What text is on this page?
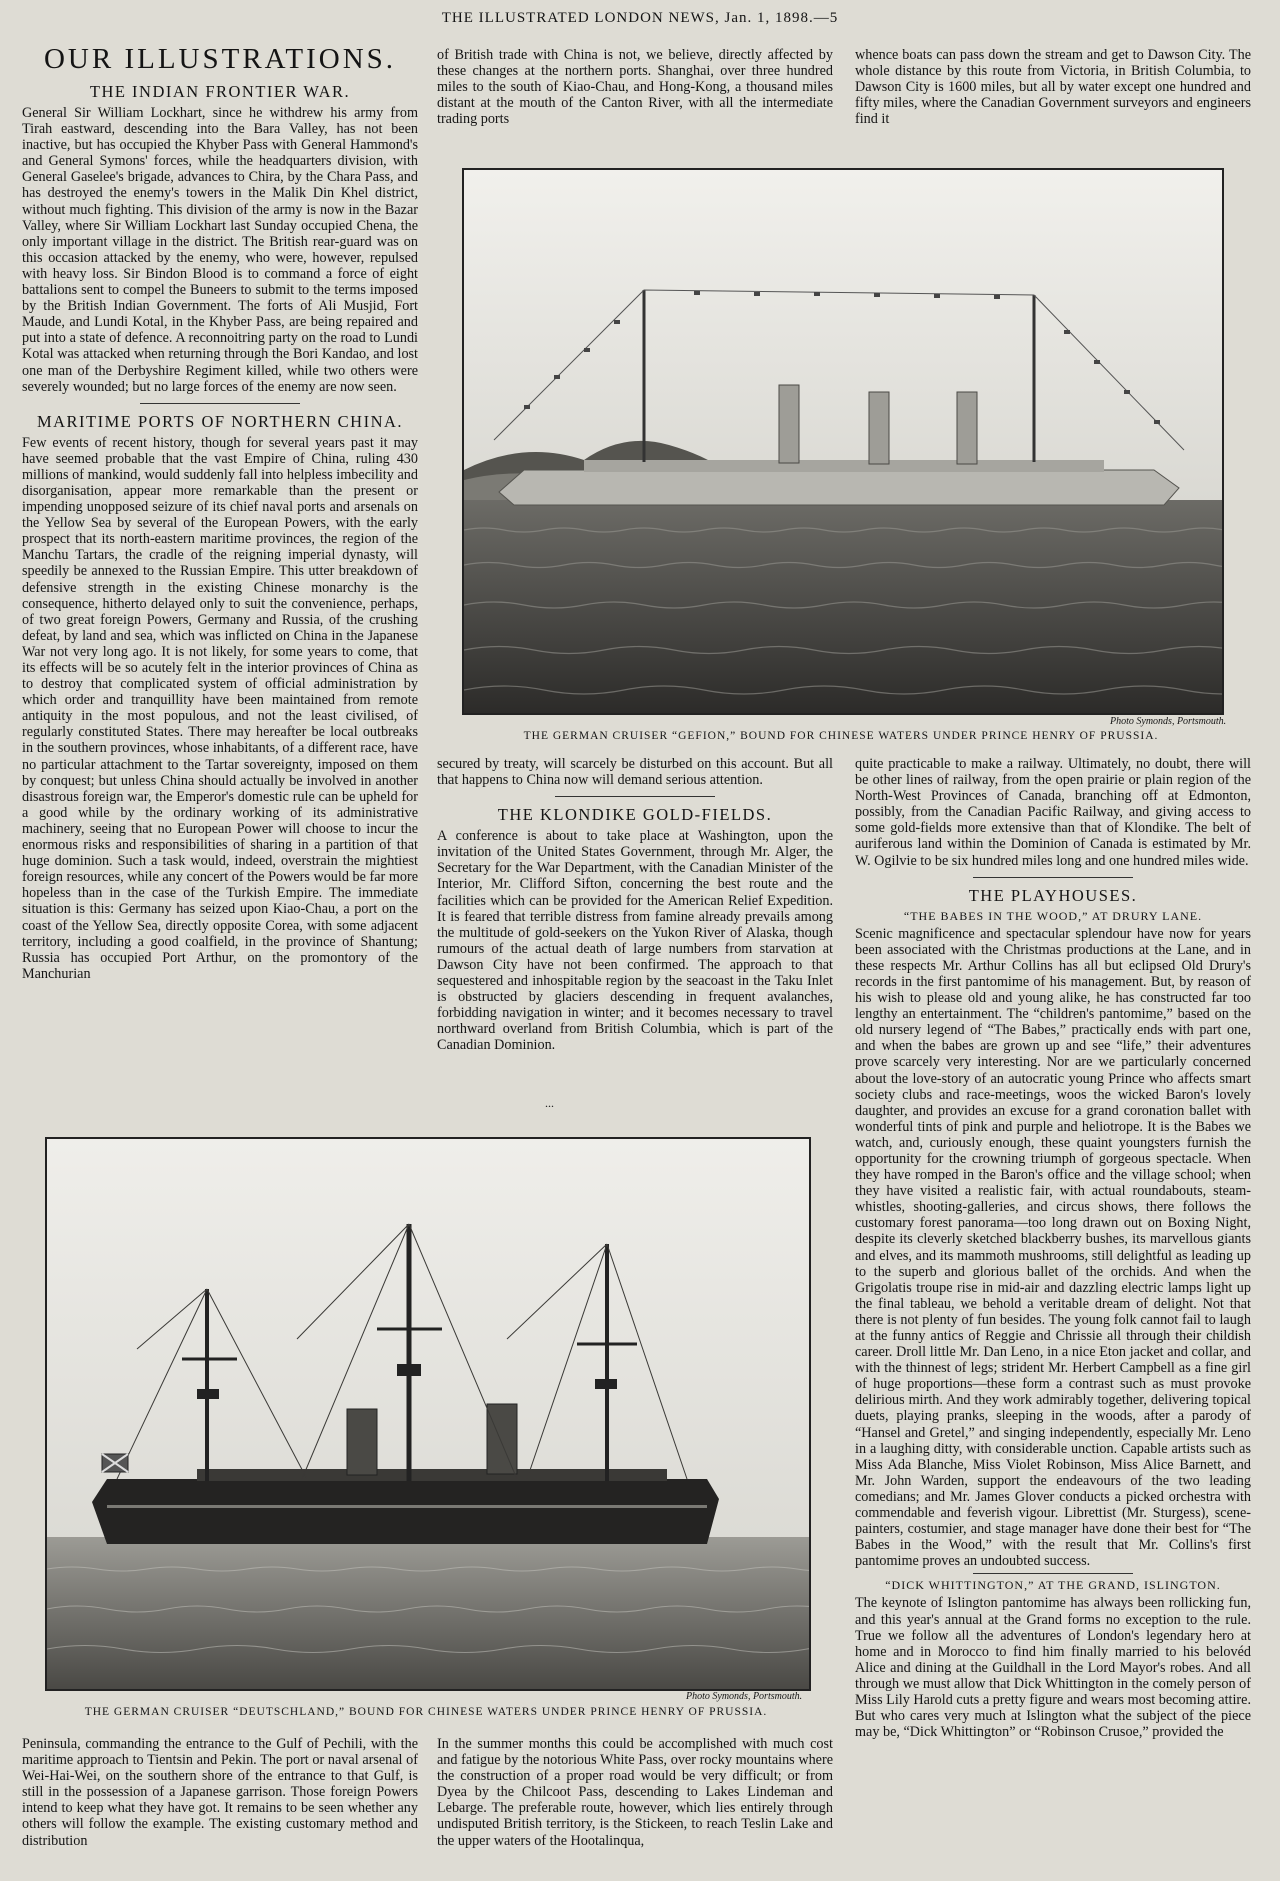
THE ILLUSTRATED LONDON NEWS, Jan. 1, 1898.—5
OUR ILLUSTRATIONS.
THE INDIAN FRONTIER WAR.

General Sir William Lockhart, since he withdrew his army from Tirah eastward, descending into the Bara Valley, has not been inactive, but has occupied the Khyber Pass with General Hammond's and General Symons' forces, while the headquarters division, with General Gaselee's brigade, advances to Chira, by the Chara Pass, and has destroyed the enemy's towers in the Malik Din Khel district, without much fighting. This division of the army is now in the Bazar Valley, where Sir William Lockhart last Sunday occupied Chena, the only important village in the district. The British rear-guard was on this occasion attacked by the enemy, who were, however, repulsed with heavy loss. Sir Bindon Blood is to command a force of eight battalions sent to compel the Buneers to submit to the terms imposed by the British Indian Government. The forts of Ali Musjid, Fort Maude, and Lundi Kotal, in the Khyber Pass, are being repaired and put into a state of defence. A reconnoitring party on the road to Lundi Kotal was attacked when returning through the Bori Kandao, and lost one man of the Derbyshire Regiment killed, while two others were severely wounded; but no large forces of the enemy are now seen.

MARITIME PORTS OF NORTHERN CHINA.

Few events of recent history, though for several years past it may have seemed probable that the vast Empire of China, ruling 430 millions of mankind, would suddenly fall into helpless imbecility and disorganisation, appear more remarkable than the present or impending unopposed seizure of its chief naval ports and arsenals on the Yellow Sea by several of the European Powers, with the early prospect that its north-eastern maritime provinces, the region of the Manchu Tartars, the cradle of the reigning imperial dynasty, will speedily be annexed to the Russian Empire. This utter breakdown of defensive strength in the existing Chinese monarchy is the consequence, hitherto delayed only to suit the convenience, perhaps, of two great foreign Powers, Germany and Russia, of the crushing defeat, by land and sea, which was inflicted on China in the Japanese War not very long ago. It is not likely, for some years to come, that its effects will be so acutely felt in the interior provinces of China as to destroy that complicated system of official administration by which order and tranquillity have been maintained from remote antiquity in the most populous, and not the least civilised, of regularly constituted States. There may hereafter be local outbreaks in the southern provinces, whose inhabitants, of a different race, have no particular attachment to the Tartar sovereignty, imposed on them by conquest; but unless China should actually be involved in another disastrous foreign war, the Emperor's domestic rule can be upheld for a good while by the ordinary working of its administrative machinery, seeing that no European Power will choose to incur the enormous risks and responsibilities of sharing in a partition of that huge dominion. Such a task would, indeed, overstrain the mightiest foreign resources, while any concert of the Powers would be far more hopeless than in the case of the Turkish Empire. The immediate situation is this: Germany has seized upon Kiao-Chau, a port on the coast of the Yellow Sea, directly opposite Corea, with some adjacent territory, including a good coalfield, in the province of Shantung; Russia has occupied Port Arthur, on the promontory of the Manchurian

of British trade with China is not, we believe, directly affected by these changes at the northern ports. Shanghai, over three hundred miles to the south of Kiao-Chau, and Hong-Kong, a thousand miles distant at the mouth of the Canton River, with all the intermediate trading ports

whence boats can pass down the stream and get to Dawson City. The whole distance by this route from Victoria, in British Columbia, to Dawson City is 1600 miles, but all by water except one hundred and fifty miles, where the Canadian Government surveyors and engineers find it

Photo Symonds, Portsmouth.
THE GERMAN CRUISER “GEFION,” BOUND FOR CHINESE WATERS UNDER PRINCE HENRY OF PRUSSIA.

secured by treaty, will scarcely be disturbed on this account. But all that happens to China now will demand serious attention.

THE KLONDIKE GOLD-FIELDS.

A conference is about to take place at Washington, upon the invitation of the United States Government, through Mr. Alger, the Secretary for the War Department, with the Canadian Minister of the Interior, Mr. Clifford Sifton, concerning the best route and the facilities which can be provided for the American Relief Expedition. It is feared that terrible distress from famine already prevails among the multitude of gold-seekers on the Yukon River of Alaska, though rumours of the actual death of large numbers from starvation at Dawson City have not been confirmed. The approach to that sequestered and inhospitable region by the seacoast in the Taku Inlet is obstructed by glaciers descending in frequent avalanches, forbidding navigation in winter; and it becomes necessary to travel northward overland from British Columbia, which is part of the Canadian Dominion.

...

quite practicable to make a railway. Ultimately, no doubt, there will be other lines of railway, from the open prairie or plain region of the North-West Provinces of Canada, branching off at Edmonton, possibly, from the Canadian Pacific Railway, and giving access to some gold-fields more extensive than that of Klondike. The belt of auriferous land within the Dominion of Canada is estimated by Mr. W. Ogilvie to be six hundred miles long and one hundred miles wide.

THE PLAYHOUSES.
“THE BABES IN THE WOOD,” AT DRURY LANE.

Scenic magnificence and spectacular splendour have now for years been associated with the Christmas productions at the Lane, and in these respects Mr. Arthur Collins has all but eclipsed Old Drury's records in the first pantomime of his management. But, by reason of his wish to please old and young alike, he has constructed far too lengthy an entertainment. The “children's pantomime,” based on the old nursery legend of “The Babes,” practically ends with part one, and when the babes are grown up and see “life,” their adventures prove scarcely very interesting. Nor are we particularly concerned about the love-story of an autocratic young Prince who affects smart society clubs and race-meetings, woos the wicked Baron's lovely daughter, and provides an excuse for a grand coronation ballet with wonderful tints of pink and purple and heliotrope. It is the Babes we watch, and, curiously enough, these quaint youngsters furnish the opportunity for the crowning triumph of gorgeous spectacle. When they have romped in the Baron's office and the village school; when they have visited a realistic fair, with actual roundabouts, steam-whistles, shooting-galleries, and circus shows, there follows the customary forest panorama—too long drawn out on Boxing Night, despite its cleverly sketched blackberry bushes, its marvellous giants and elves, and its mammoth mushrooms, still delightful as leading up to the superb and glorious ballet of the orchids. And when the Grigolatis troupe rise in mid-air and dazzling electric lamps light up the final tableau, we behold a veritable dream of delight. Not that there is not plenty of fun besides. The young folk cannot fail to laugh at the funny antics of Reggie and Chrissie all through their childish career. Droll little Mr. Dan Leno, in a nice Eton jacket and collar, and with the thinnest of legs; strident Mr. Herbert Campbell as a fine girl of huge proportions—these form a contrast such as must provoke delirious mirth. And they work admirably together, delivering topical duets, playing pranks, sleeping in the woods, after a parody of “Hansel and Gretel,” and singing independently, especially Mr. Leno in a laughing ditty, with considerable unction. Capable artists such as Miss Ada Blanche, Miss Violet Robinson, Miss Alice Barnett, and Mr. John Warden, support the endeavours of the two leading comedians; and Mr. James Glover conducts a picked orchestra with commendable and feverish vigour. Librettist (Mr. Sturgess), scene-painters, costumier, and stage manager have done their best for “The Babes in the Wood,” with the result that Mr. Collins's first pantomime proves an undoubted success.

“DICK WHITTINGTON,” AT THE GRAND, ISLINGTON.

The keynote of Islington pantomime has always been rollicking fun, and this year's annual at the Grand forms no exception to the rule. True we follow all the adventures of London's legendary hero at home and in Morocco to find him finally married to his belovéd Alice and dining at the Guildhall in the Lord Mayor's robes. And all through we must allow that Dick Whittington in the comely person of Miss Lily Harold cuts a pretty figure and wears most becoming attire. But who cares very much at Islington what the subject of the piece may be, “Dick Whittington” or “Robinson Crusoe,” provided the

Photo Symonds, Portsmouth.
THE GERMAN CRUISER “DEUTSCHLAND,” BOUND FOR CHINESE WATERS UNDER PRINCE HENRY OF PRUSSIA.

Peninsula, commanding the entrance to the Gulf of Pechili, with the maritime approach to Tientsin and Pekin. The port or naval arsenal of Wei-Hai-Wei, on the southern shore of the entrance to that Gulf, is still in the possession of a Japanese garrison. Those foreign Powers intend to keep what they have got. It remains to be seen whether any others will follow the example. The existing customary method and distribution

In the summer months this could be accomplished with much cost and fatigue by the notorious White Pass, over rocky mountains where the construction of a proper road would be very difficult; or from Dyea by the Chilcoot Pass, descending to Lakes Lindeman and Lebarge. The preferable route, however, which lies entirely through undisputed British territory, is the Stickeen, to reach Teslin Lake and the upper waters of the Hootalinqua,
